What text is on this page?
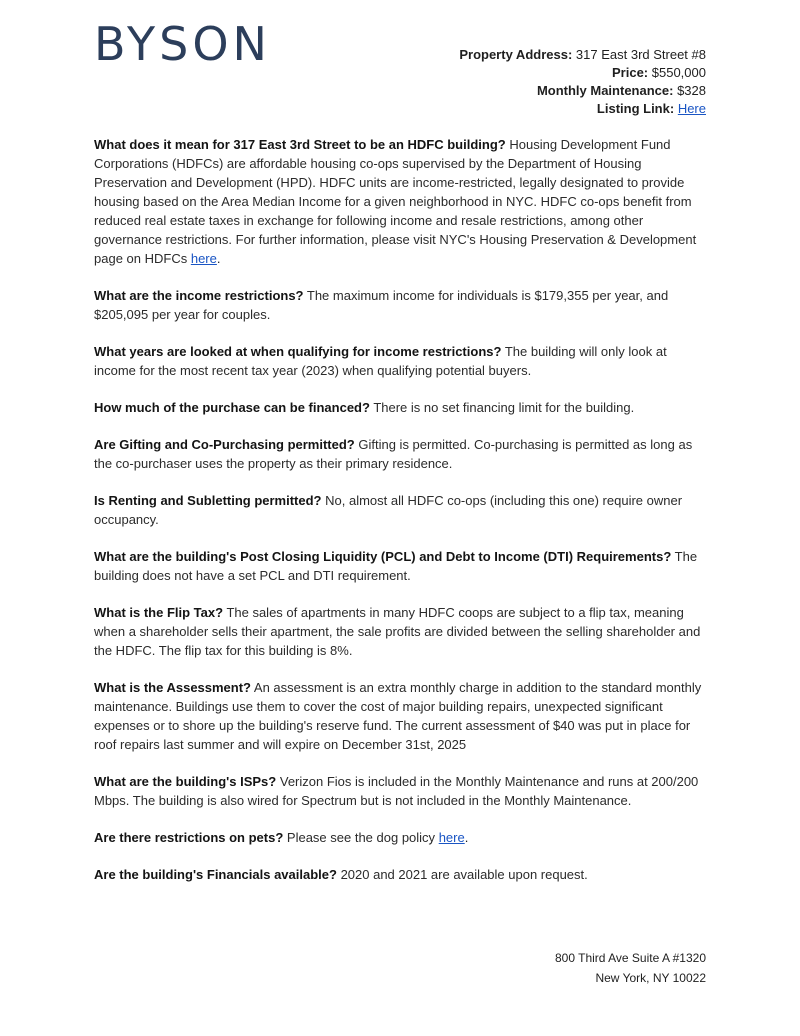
BYSON	Property Address: 317 East 3rd Street #8
Price: $550,000
Monthly Maintenance: $328
Listing Link: Here

What does it mean for 317 East 3rd Street to be an HDFC building? Housing Development Fund Corporations (HDFCs) are affordable housing co-ops supervised by the Department of Housing Preservation and Development (HPD). HDFC units are income-restricted, legally designated to provide housing based on the Area Median Income for a given neighborhood in NYC. HDFC co-ops benefit from reduced real estate taxes in exchange for following income and resale restrictions, among other governance restrictions. For further information, please visit NYC's Housing Preservation & Development page on HDFCs here.

What are the income restrictions? The maximum income for individuals is $179,355 per year, and $205,095 per year for couples.

What years are looked at when qualifying for income restrictions? The building will only look at income for the most recent tax year (2023) when qualifying potential buyers.

How much of the purchase can be financed? There is no set financing limit for the building.

Are Gifting and Co-Purchasing permitted? Gifting is permitted. Co-purchasing is permitted as long as the co-purchaser uses the property as their primary residence.

Is Renting and Subletting permitted? No, almost all HDFC co-ops (including this one) require owner occupancy.

What are the building's Post Closing Liquidity (PCL) and Debt to Income (DTI) Requirements? The building does not have a set PCL and DTI requirement.

What is the Flip Tax? The sales of apartments in many HDFC coops are subject to a flip tax, meaning when a shareholder sells their apartment, the sale profits are divided between the selling shareholder and the HDFC. The flip tax for this building is 8%.

What is the Assessment? An assessment is an extra monthly charge in addition to the standard monthly maintenance. Buildings use them to cover the cost of major building repairs, unexpected significant expenses or to shore up the building's reserve fund. The current assessment of $40 was put in place for roof repairs last summer and will expire on December 31st, 2025

What are the building's ISPs? Verizon Fios is included in the Monthly Maintenance and runs at 200/200 Mbps. The building is also wired for Spectrum but is not included in the Monthly Maintenance.

Are there restrictions on pets? Please see the dog policy here.

Are the building's Financials available? 2020 and 2021 are available upon request.

800 Third Ave Suite A #1320
New York, NY 10022
